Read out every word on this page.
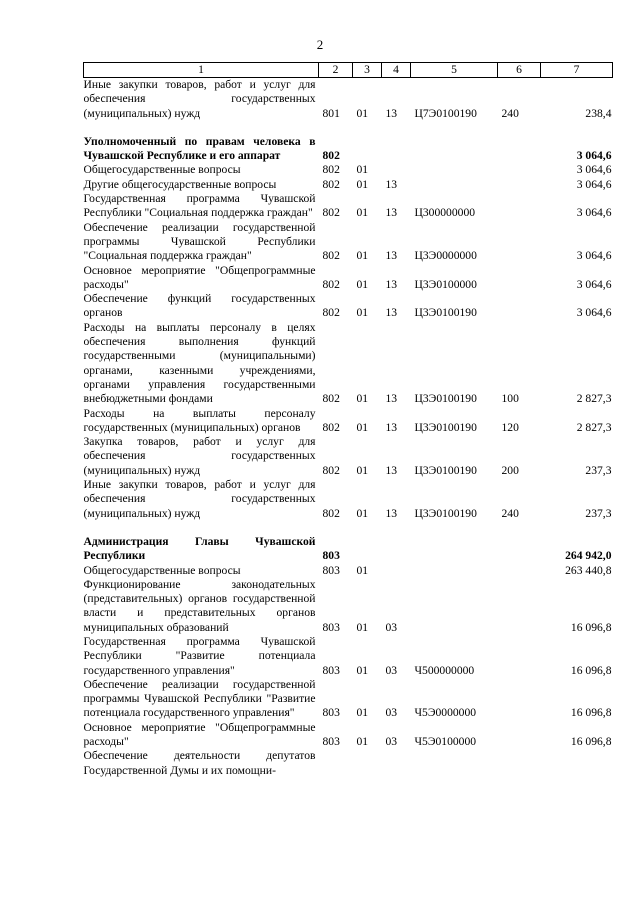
2
1	2	3	4	5	6	7
Иные закупки товаров, работ и услуг для обеспечения государственных (муниципальных) нужд	801	01	13	Ц7Э0100190	240	238,4

Уполномоченный по правам человека в Чувашской Республике и его аппарат	802					3 064,6
Общегосударственные вопросы	802	01				3 064,6
Другие общегосударственные вопросы	802	01	13			3 064,6
Государственная программа Чувашской Республики "Социальная поддержка граждан"	802	01	13	Ц300000000		3 064,6
Обеспечение реализации государственной программы Чувашской Республики "Социальная поддержка граждан"	802	01	13	Ц3Э0000000		3 064,6
Основное мероприятие "Общепрограммные расходы"	802	01	13	Ц3Э0100000		3 064,6
Обеспечение функций государственных органов	802	01	13	Ц3Э0100190		3 064,6
Расходы на выплаты персоналу в целях обеспечения выполнения функций государственными (муниципальными) органами, казенными учреждениями, органами управления государственными внебюджетными фондами	802	01	13	Ц3Э0100190	100	2 827,3
Расходы на выплаты персоналу государственных (муниципальных) органов	802	01	13	Ц3Э0100190	120	2 827,3
Закупка товаров, работ и услуг для обеспечения государственных (муниципальных) нужд	802	01	13	Ц3Э0100190	200	237,3
Иные закупки товаров, работ и услуг для обеспечения государственных (муниципальных) нужд	802	01	13	Ц3Э0100190	240	237,3

Администрация Главы Чувашской Республики	803					264 942,0
Общегосударственные вопросы	803	01				263 440,8
Функционирование законодательных (представительных) органов государственной власти и представительных органов муниципальных образований	803	01	03			16 096,8
Государственная программа Чувашской Республики "Развитие потенциала государственного управления"	803	01	03	Ч500000000		16 096,8
Обеспечение реализации государственной программы Чувашской Республики "Развитие потенциала государственного управления"	803	01	03	Ч5Э0000000		16 096,8
Основное мероприятие "Общепрограммные расходы"	803	01	03	Ч5Э0100000		16 096,8
Обеспечение деятельности депутатов Государственной Думы и их помощни-						
